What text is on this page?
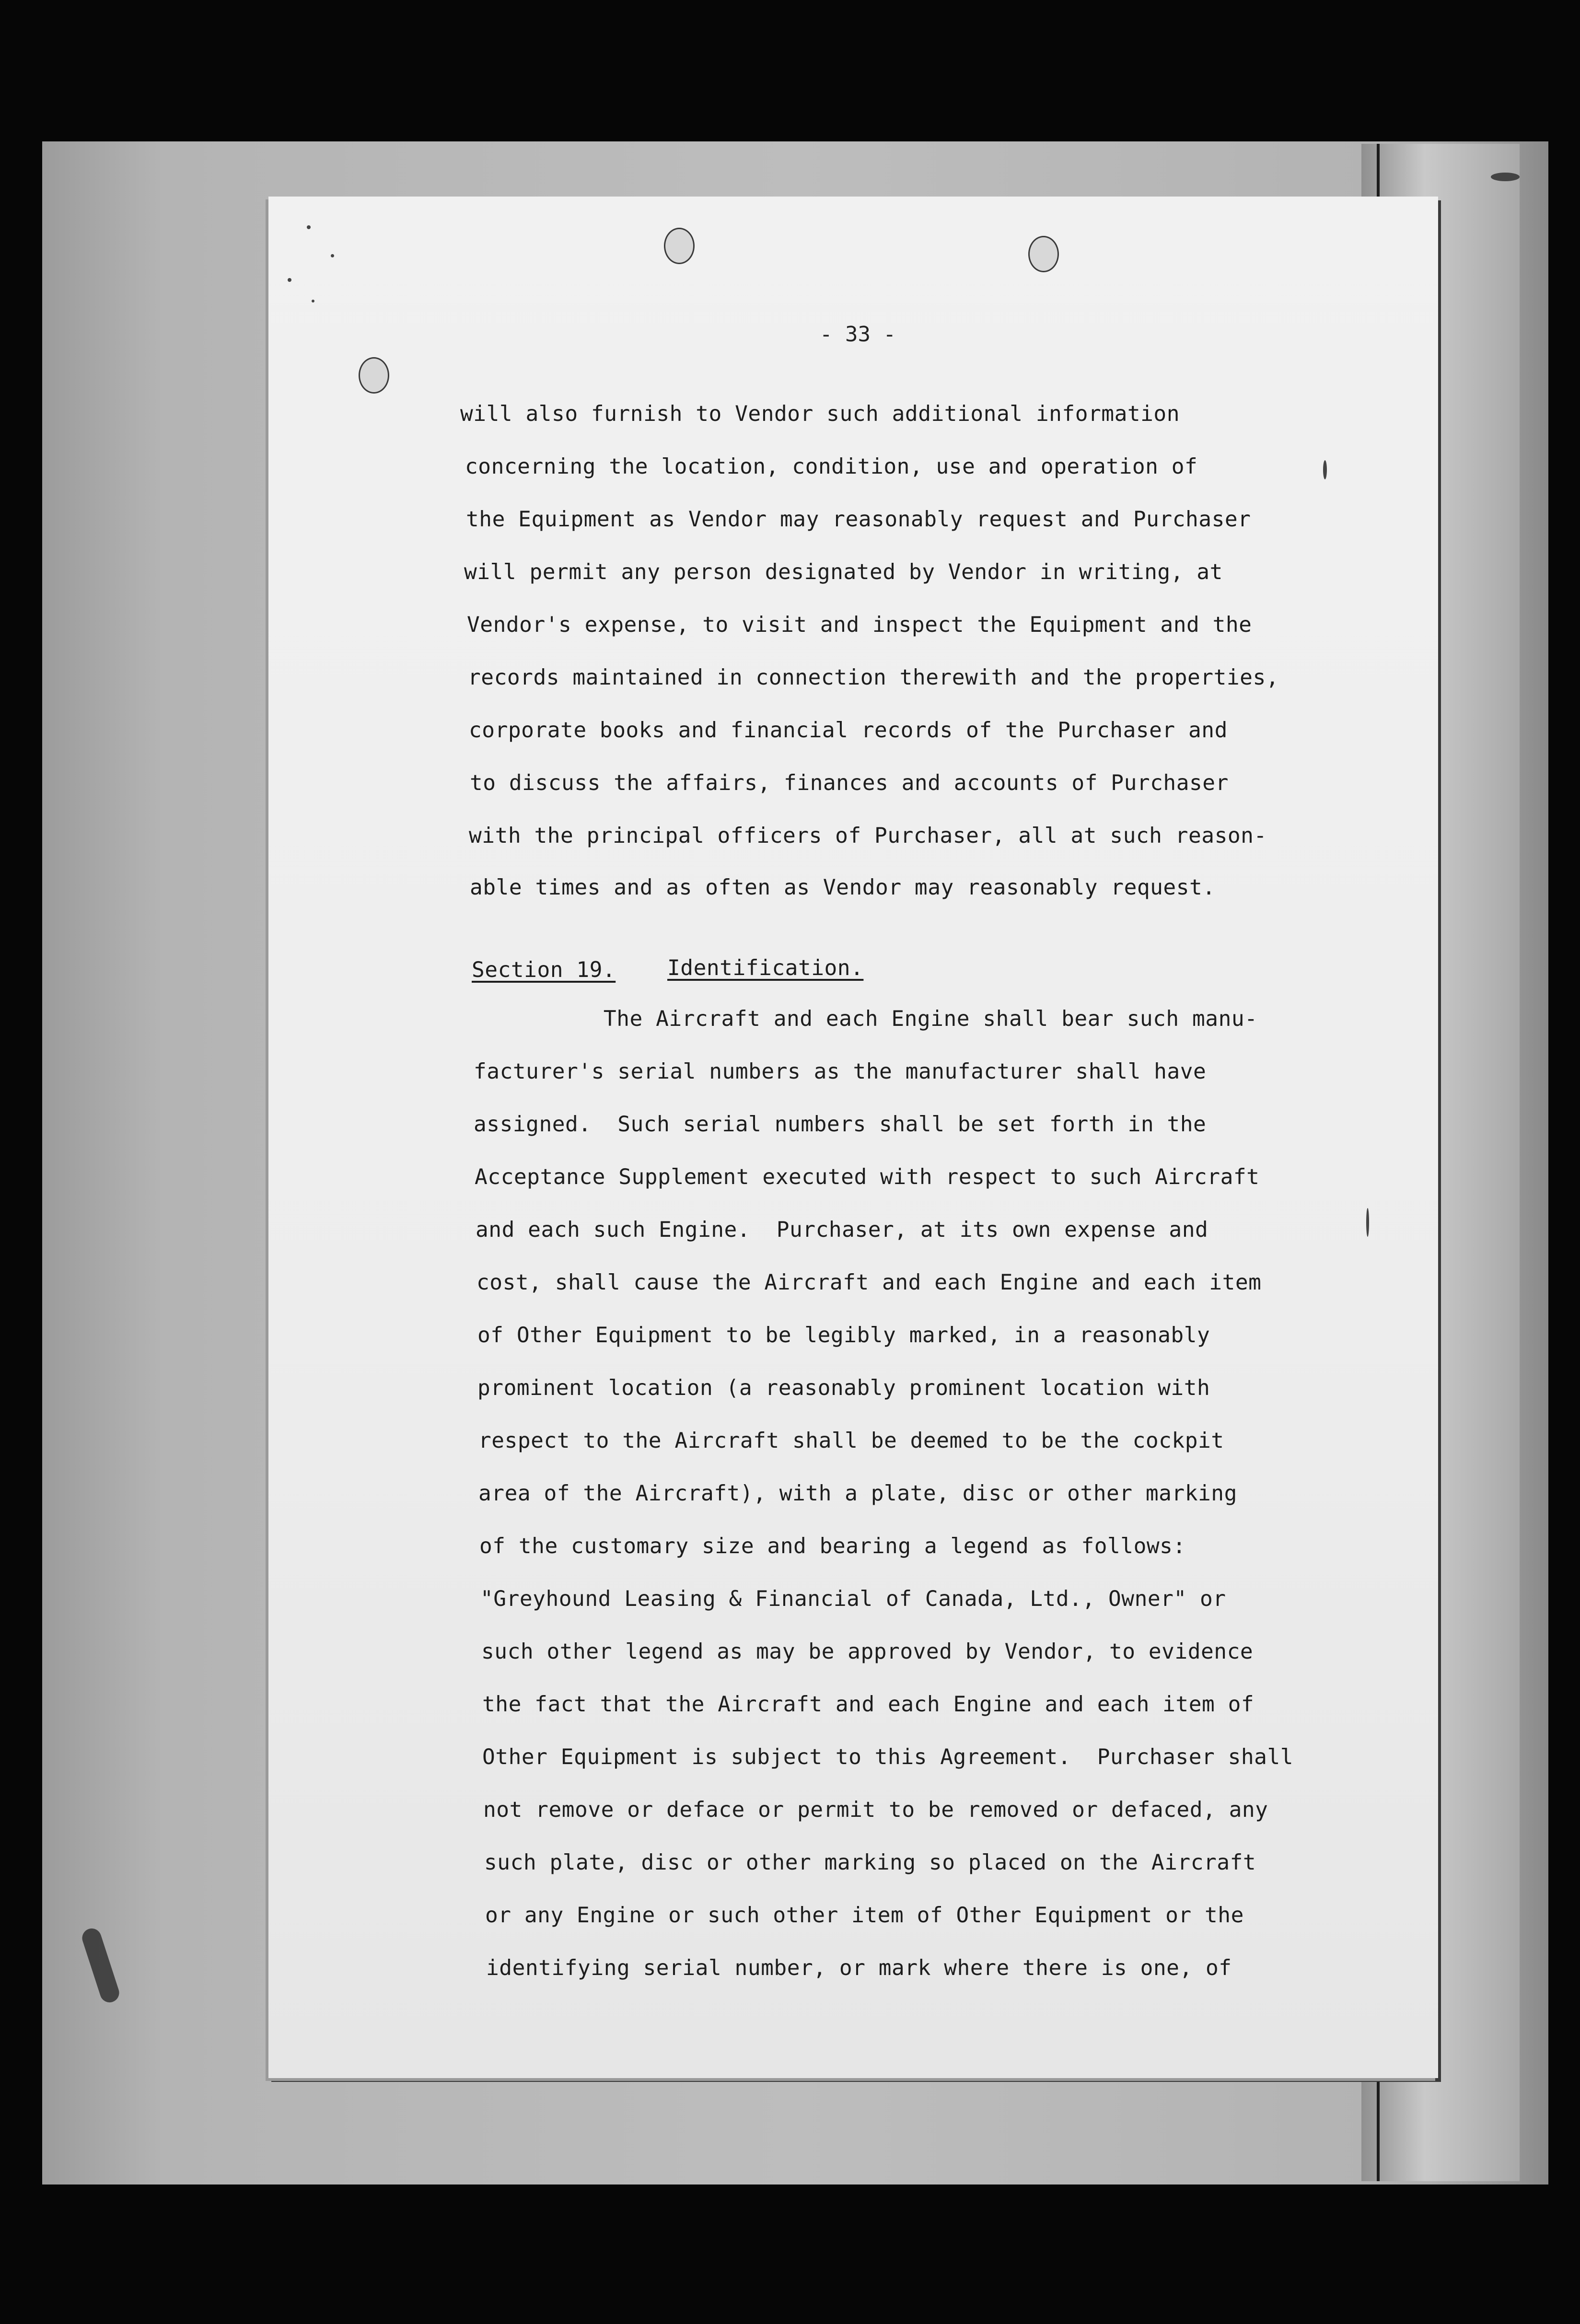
- 33 -
will also furnish to Vendor such additional information
concerning the location, condition, use and operation of
the Equipment as Vendor may reasonably request and Purchaser
will permit any person designated by Vendor in writing, at
Vendor's expense, to visit and inspect the Equipment and the
records maintained in connection therewith and the properties,
corporate books and financial records of the Purchaser and
to discuss the affairs, finances and accounts of Purchaser
with the principal officers of Purchaser, all at such reason-
able times and as often as Vendor may reasonably request.
Section 19. Identification.
The Aircraft and each Engine shall bear such manu-
facturer's serial numbers as the manufacturer shall have
assigned.  Such serial numbers shall be set forth in the
Acceptance Supplement executed with respect to such Aircraft
and each such Engine.  Purchaser, at its own expense and
cost, shall cause the Aircraft and each Engine and each item
of Other Equipment to be legibly marked, in a reasonably
prominent location (a reasonably prominent location with
respect to the Aircraft shall be deemed to be the cockpit
area of the Aircraft), with a plate, disc or other marking
of the customary size and bearing a legend as follows:
"Greyhound Leasing & Financial of Canada, Ltd., Owner" or
such other legend as may be approved by Vendor, to evidence
the fact that the Aircraft and each Engine and each item of
Other Equipment is subject to this Agreement.  Purchaser shall
not remove or deface or permit to be removed or defaced, any
such plate, disc or other marking so placed on the Aircraft
or any Engine or such other item of Other Equipment or the
identifying serial number, or mark where there is one, of
